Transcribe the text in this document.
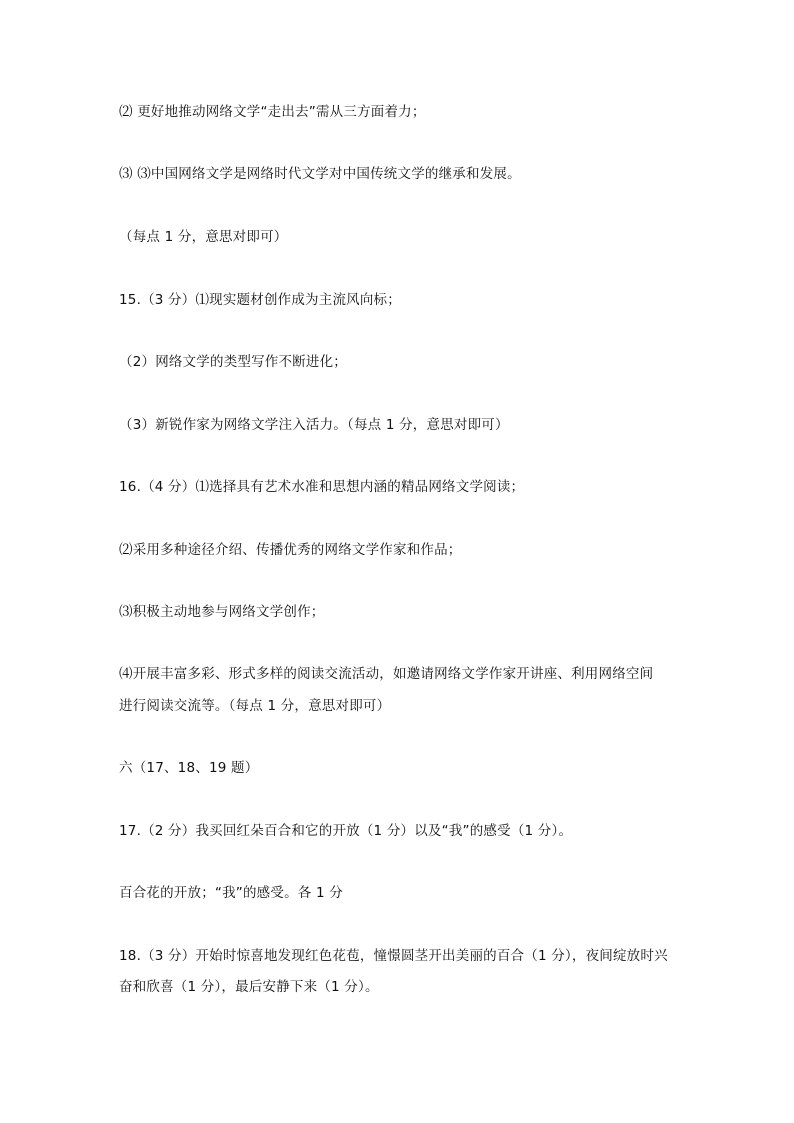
⑵ 更好地推动网络文学“走出去”需从三方面着力；
⑶ ⑶中国网络文学是网络时代文学对中国传统文学的继承和发展。
（每点 1 分，意思对即可）
15.（3 分）⑴现实题材创作成为主流风向标；
（2）网络文学的类型写作不断进化；
（3）新锐作家为网络文学注入活力。（每点 1 分，意思对即可）
16.（4 分）⑴选择具有艺术水准和思想内涵的精品网络文学阅读；
⑵采用多种途径介绍、传播优秀的网络文学作家和作品；
⑶积极主动地参与网络文学创作；
⑷开展丰富多彩、形式多样的阅读交流活动，如邀请网络文学作家开讲座、利用网络空间
进行阅读交流等。（每点 1 分，意思对即可）
六（17、18、19 题）
17.（2 分）我买回红朵百合和它的开放（1 分）以及“我”的感受（1 分）。
百合花的开放；“我”的感受。各 1 分
18.（3 分）开始时惊喜地发现红色花苞，憧憬圆茎开出美丽的百合（1 分），夜间绽放时兴
奋和欣喜（1 分），最后安静下来（1 分）。
